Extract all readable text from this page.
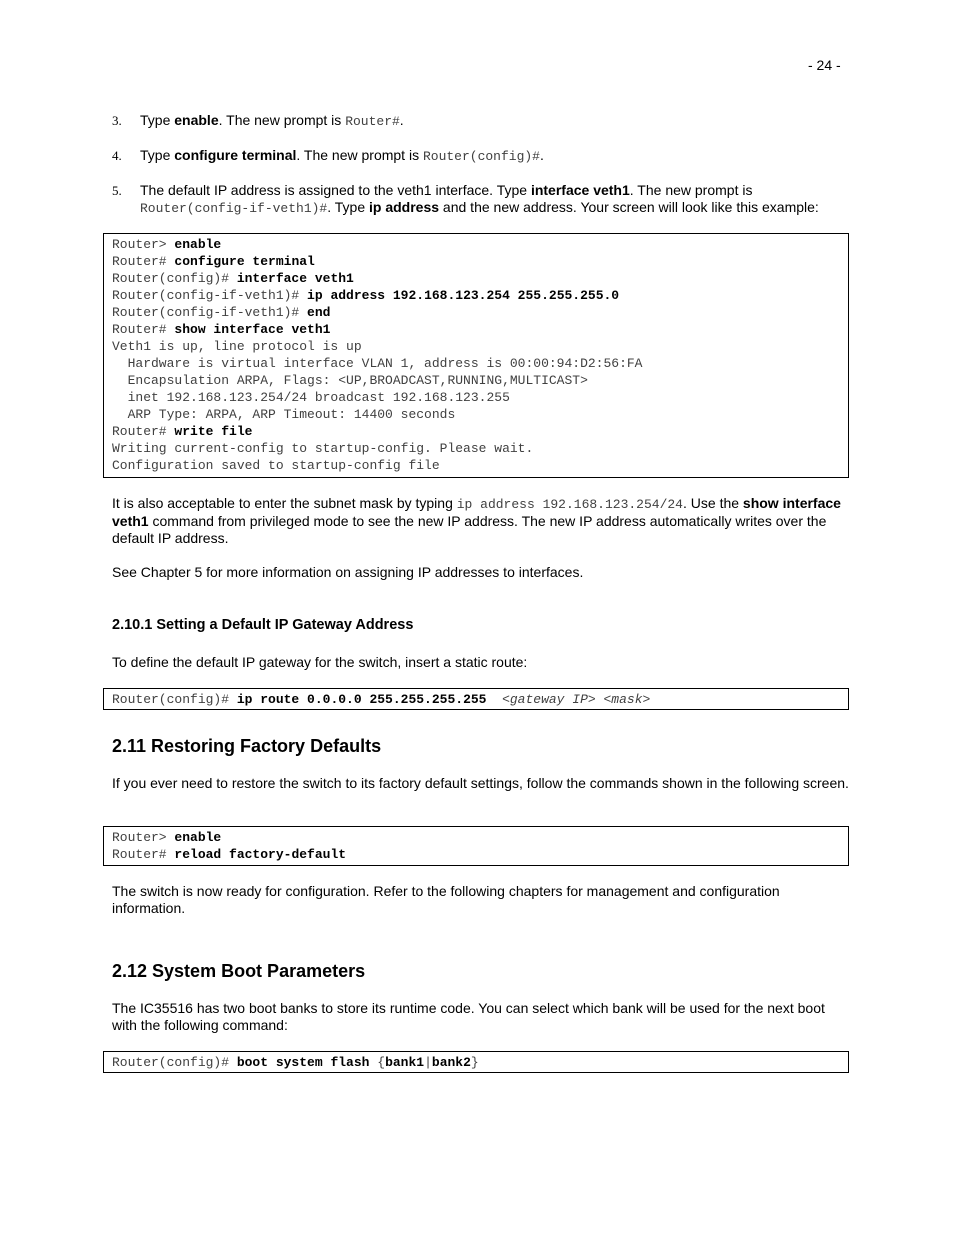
- 24 -
3. Type enable. The new prompt is Router#.
4. Type configure terminal. The new prompt is Router(config)#.
5. The default IP address is assigned to the veth1 interface. Type interface veth1. The new prompt is
Router(config-if-veth1)#. Type ip address and the new address. Your screen will look like this example:
Router> enable
Router# configure terminal
Router(config)# interface veth1
Router(config-if-veth1)# ip address 192.168.123.254 255.255.255.0
Router(config-if-veth1)# end
Router# show interface veth1
Veth1 is up, line protocol is up
Hardware is virtual interface VLAN 1, address is 00:00:94:D2:56:FA
Encapsulation ARPA, Flags: <UP,BROADCAST,RUNNING,MULTICAST>
inet 192.168.123.254/24 broadcast 192.168.123.255
ARP Type: ARPA, ARP Timeout: 14400 seconds
Router# write file
Writing current-config to startup-config. Please wait.
Configuration saved to startup-config file
It is also acceptable to enter the subnet mask by typing ip address 192.168.123.254/24. Use the show interface veth1 command from privileged mode to see the new IP address. The new IP address automatically writes over the default IP address.
See Chapter 5 for more information on assigning IP addresses to interfaces.
2.10.1 Setting a Default IP Gateway Address
To define the default IP gateway for the switch, insert a static route:
Router(config)# ip route 0.0.0.0 255.255.255.255 <gateway IP> <mask>
2.11 Restoring Factory Defaults
If you ever need to restore the switch to its factory default settings, follow the commands shown in the following screen.
Router> enable
Router# reload factory-default
The switch is now ready for configuration. Refer to the following chapters for management and configuration information.
2.12 System Boot Parameters
The IC35516 has two boot banks to store its runtime code. You can select which bank will be used for the next boot with the following command:
Router(config)# boot system flash {bank1|bank2}
